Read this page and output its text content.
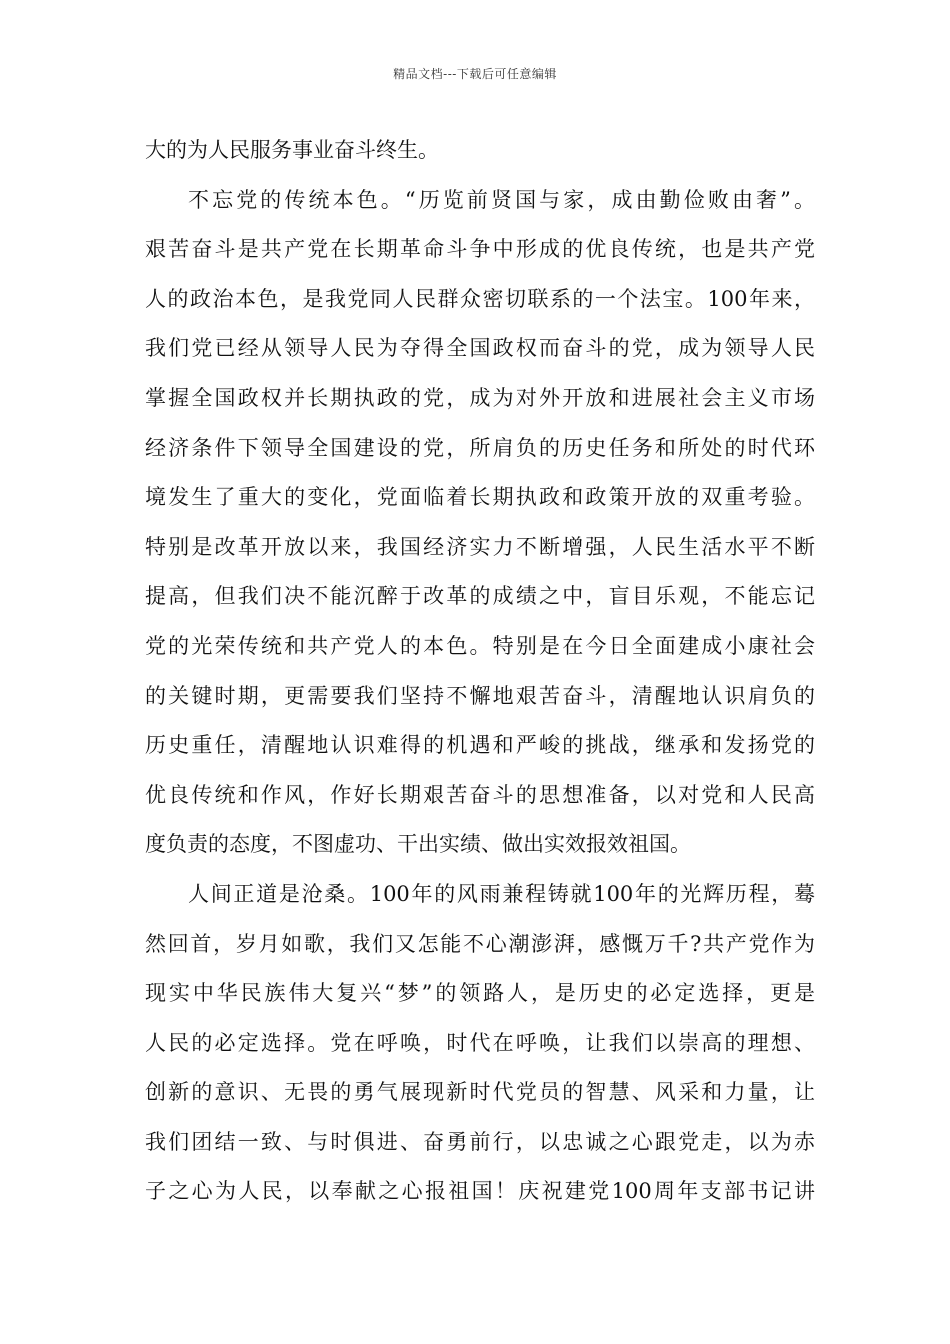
精品文档---下载后可任意编辑
大的为人民服务事业奋斗终生。
不忘党的传统本色。“历览前贤国与家，成由勤俭败由奢”。
艰苦奋斗是共产党在长期革命斗争中形成的优良传统，也是共产党
人的政治本色，是我党同人民群众密切联系的一个法宝。100年来，
我们党已经从领导人民为夺得全国政权而奋斗的党，成为领导人民
掌握全国政权并长期执政的党，成为对外开放和进展社会主义市场
经济条件下领导全国建设的党，所肩负的历史任务和所处的时代环
境发生了重大的变化，党面临着长期执政和政策开放的双重考验。
特别是改革开放以来，我国经济实力不断增强，人民生活水平不断
提高，但我们决不能沉醉于改革的成绩之中，盲目乐观，不能忘记
党的光荣传统和共产党人的本色。特别是在今日全面建成小康社会
的关键时期，更需要我们坚持不懈地艰苦奋斗，清醒地认识肩负的
历史重任，清醒地认识难得的机遇和严峻的挑战，继承和发扬党的
优良传统和作风，作好长期艰苦奋斗的思想准备，以对党和人民高
度负责的态度，不图虚功、干出实绩、做出实效报效祖国。
人间正道是沧桑。100年的风雨兼程铸就100年的光辉历程，蓦
然回首，岁月如歌，我们又怎能不心潮澎湃，感慨万千?共产党作为
现实中华民族伟大复兴“梦”的领路人，是历史的必定选择，更是
人民的必定选择。党在呼唤，时代在呼唤，让我们以崇高的理想、
创新的意识、无畏的勇气展现新时代党员的智慧、风采和力量，让
我们团结一致、与时俱进、奋勇前行，以忠诚之心跟党走，以为赤
子之心为人民，以奉献之心报祖国！庆祝建党100周年支部书记讲
